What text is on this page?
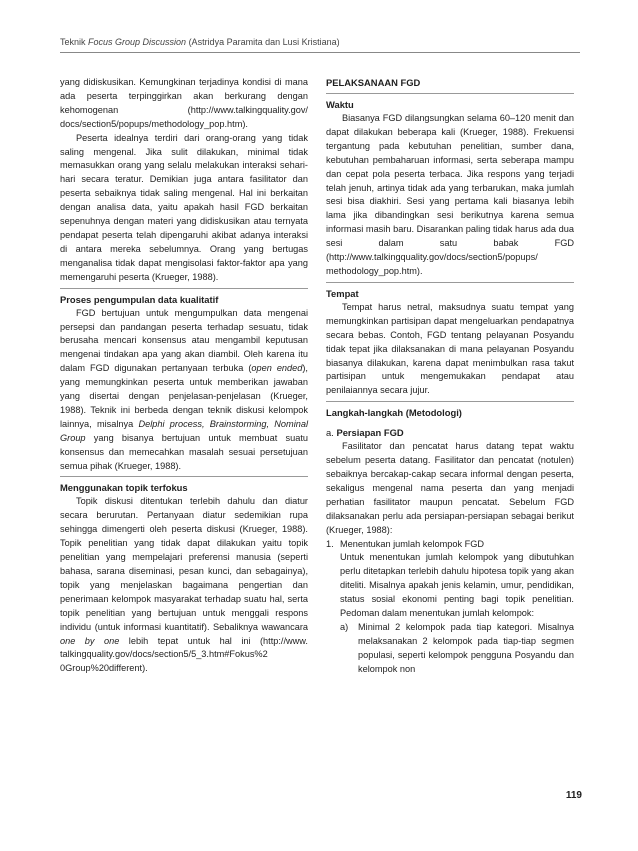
Teknik Focus Group Discussion (Astridya Paramita dan Lusi Kristiana)

yang didiskusikan. Kemungkinan terjadinya kondisi di mana ada peserta terpinggirkan akan berkurang dengan kehomogenan (http://www.talkingquality.gov/ docs/section5/popups/methodology_pop.htm).

Peserta idealnya terdiri dari orang-orang yang tidak saling mengenal. Jika sulit dilakukan, minimal tidak memasukkan orang yang selalu melakukan interaksi sehari-hari secara teratur. Demikian juga antara fasilitator dan peserta sebaiknya tidak saling mengenal. Hal ini berkaitan dengan analisa data, yaitu apakah hasil FGD berkaitan sepenuhnya dengan materi yang didiskusikan atau ternyata pendapat peserta telah dipengaruhi akibat adanya interaksi di antara mereka sebelumnya. Orang yang bertugas menganalisa tidak dapat mengisolasi faktor-faktor apa yang memengaruhi peserta (Krueger, 1988).

Proses pengumpulan data kualitatif

FGD bertujuan untuk mengumpulkan data mengenai persepsi dan pandangan peserta terhadap sesuatu, tidak berusaha mencari konsensus atau mengambil keputusan mengenai tindakan apa yang akan diambil. Oleh karena itu dalam FGD digunakan pertanyaan terbuka (open ended), yang memungkinkan peserta untuk memberikan jawaban yang disertai dengan penjelasan-penjelasan (Krueger, 1988). Teknik ini berbeda dengan teknik diskusi kelompok lainnya, misalnya Delphi process, Brainstorming, Nominal Group yang bisanya bertujuan untuk membuat suatu konsensus dan memecahkan masalah sesuai persetujuan semua pihak (Krueger, 1988).

Menggunakan topik terfokus

Topik diskusi ditentukan terlebih dahulu dan diatur secara berurutan. Pertanyaan diatur sedemikian rupa sehingga dimengerti oleh peserta diskusi (Krueger, 1988). Topik penelitian yang tidak dapat dilakukan yaitu topik penelitian yang mempelajari preferensi manusia (seperti bahasa, sarana diseminasi, pesan kunci, dan sebagainya), topik yang menjelaskan bagaimana pengertian dan penerimaan kelompok masyarakat terhadap suatu hal, serta topik penelitian yang bertujuan untuk menggali respons individu (untuk informasi kuantitatif). Sebaliknya wawancara one by one lebih tepat untuk hal ini (http://www. talkingquality.gov/docs/section5/5_3.htm#Fokus%2 0Group%20different).

PELAKSANAAN FGD
Waktu

Biasanya FGD dilangsungkan selama 60–120 menit dan dapat dilakukan beberapa kali (Krueger, 1988). Frekuensi tergantung pada kebutuhan penelitian, sumber dana, kebutuhan pembaharuan informasi, serta seberapa mampu dan cepat pola peserta terbaca. Jika respons yang terjadi telah jenuh, artinya tidak ada yang terbarukan, maka jumlah sesi bisa diakhiri. Sesi yang pertama kali biasanya lebih lama jika dibandingkan sesi berikutnya karena semua informasi masih baru. Disarankan paling tidak harus ada dua sesi dalam satu babak FGD (http://www.talkingquality.gov/docs/section5/popups/ methodology_pop.htm).

Tempat

Tempat harus netral, maksudnya suatu tempat yang memungkinkan partisipan dapat mengeluarkan pendapatnya secara bebas. Contoh, FGD tentang pelayanan Posyandu tidak tepat jika dilaksanakan di mana pelayanan Posyandu biasanya dilakukan, karena dapat menimbulkan rasa takut partisipan untuk mengemukakan pendapat atau penilaiannya secara jujur.

Langkah-langkah (Metodologi)
a. Persiapan FGD

Fasilitator dan pencatat harus datang tepat waktu sebelum peserta datang. Fasilitator dan pencatat (notulen) sebaiknya bercakap-cakap secara informal dengan peserta, sekaligus mengenal nama peserta dan yang menjadi perhatian fasilitator maupun pencatat. Sebelum FGD dilaksanakan perlu ada persiapan-persiapan sebagai berikut (Krueger, 1988):

1. Menentukan jumlah kelompok FGD

Untuk menentukan jumlah kelompok yang dibutuhkan perlu ditetapkan terlebih dahulu hipotesa topik yang akan diteliti. Misalnya apakah jenis kelamin, umur, pendidikan, status sosial ekonomi penting bagi topik penelitian. Pedoman dalam menentukan jumlah kelompok:

a)	Minimal 2 kelompok pada tiap kategori. Misalnya melaksanakan 2 kelompok pada tiap-tiap segmen populasi, seperti kelompok pengguna Posyandu dan kelompok non
119
